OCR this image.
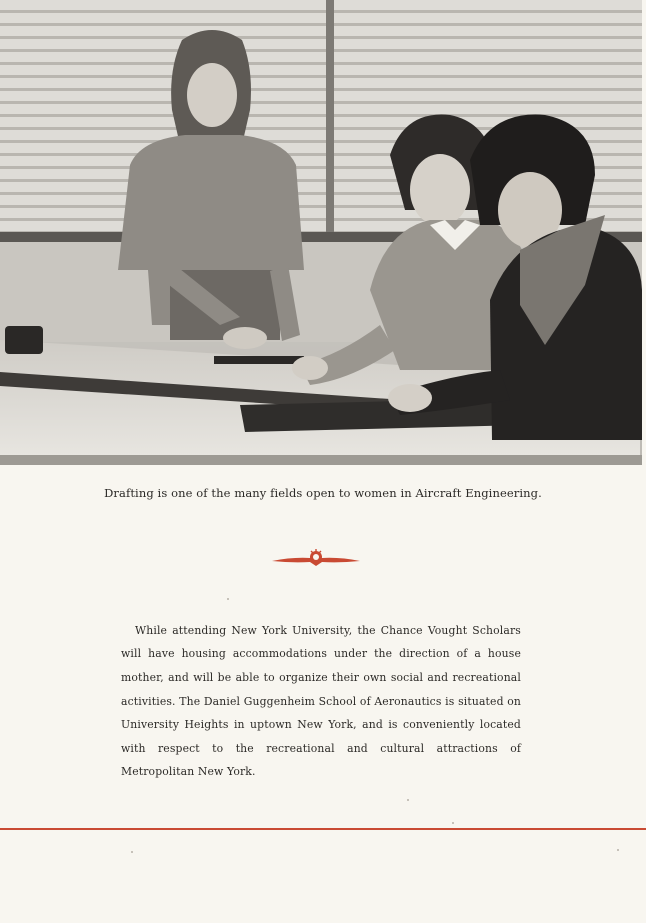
Drafting is one of the many fields open to women in Aircraft Engineering.

While attending New York University, the Chance Vought Scholars will have housing accommodations under the direction of a house mother, and will be able to organize their own social and recreational activities. The Daniel Guggenheim School of Aeronautics is situated on University Heights in uptown New York, and is conveniently located with respect to the recreational and cultural attractions of Metropolitan New York.
